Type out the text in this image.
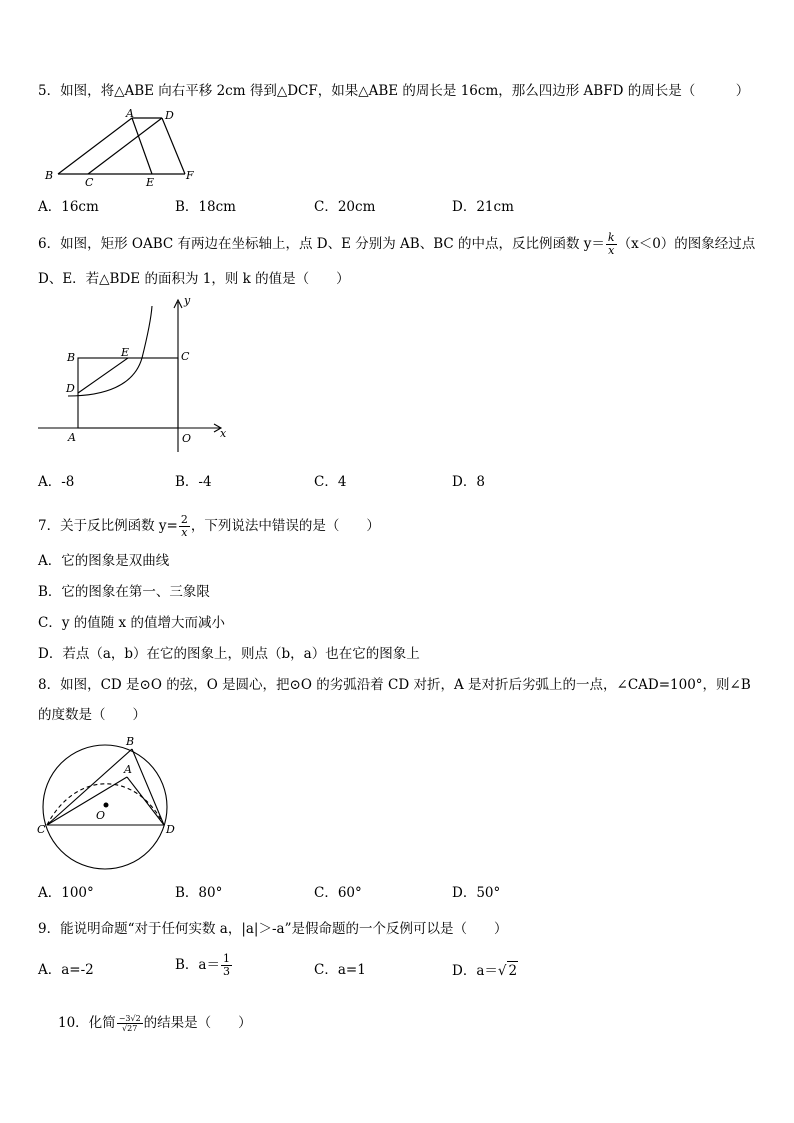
5．如图，将△ABE 向右平移 2cm 得到△DCF，如果△ABE 的周长是 16cm，那么四边形 ABFD 的周长是（　　　）
A	D
B
C	E
F
A．16cm	B．18cm	C．20cm	D．21cm
6．如图，矩形 OABC 有两边在坐标轴上，点 D、E 分别为 AB、BC 的中点，反比例函数 $y= \frac{k}{x} (x<0)$的图象经过点
D、E．若△BDE 的面积为 1，则 k 的值是（　　）
y
x
B	E	C
D
A	O
A．-8	B．-4	C．4	D．8
7．关于反比例函数 $y= \frac{2}{x}$ ，下列说法中错误的是（　　）
A．它的图象是双曲线
B．它的图象在第一、三象限
C．y 的值随 x 的值增大而减小
D．若点（a，b）在它的图象上，则点（b，a）也在它的图象上
8．如图，CD 是⊙O 的弦，O 是圆心，把⊙O 的劣弧沿着 CD 对折，A 是对折后劣弧上的一点，∠CAD=100°，则∠B
的度数是（　　）
B
A
O
C	D
A．100°	B．80°	C．60°	D．50°
9．能说明命题“对于任何实数 a，|a|＞-a”是假命题的一个反例可以是（　　）
A．a=-2	B．$a= \frac{1}{3}$	C．a=1	D．a＝√ 2
10．化简 $\frac{-3√2}{√27}$ 的结果是（　　）
